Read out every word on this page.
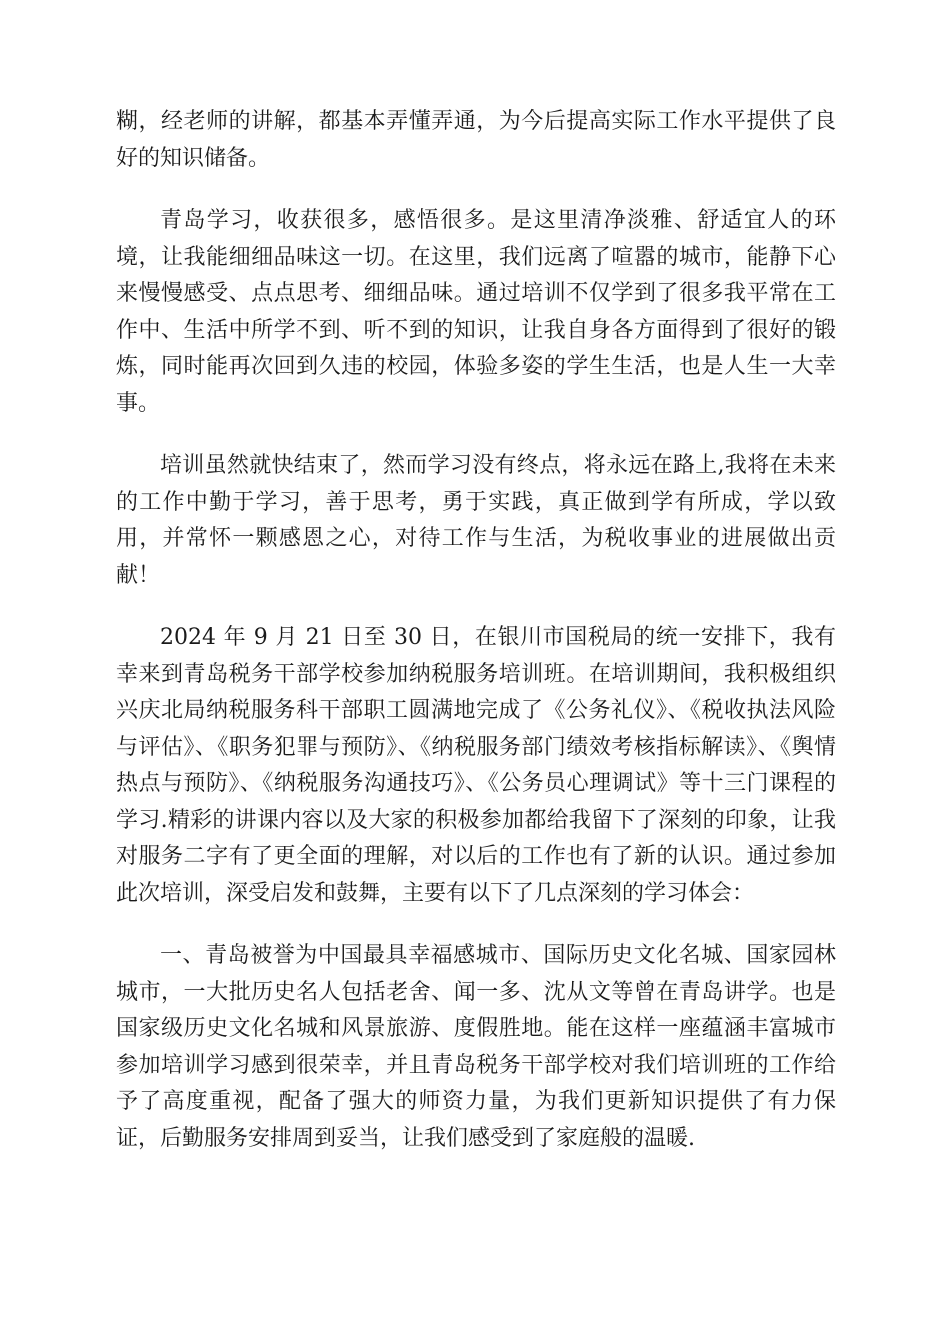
糊，经老师的讲解，都基本弄懂弄通，为今后提高实际工作水平提供了良好的知识储备。

青岛学习，收获很多，感悟很多。是这里清净淡雅、舒适宜人的环境，让我能细细品味这一切。在这里，我们远离了喧嚣的城市，能静下心来慢慢感受、点点思考、细细品味。通过培训不仅学到了很多我平常在工作中、生活中所学不到、听不到的知识，让我自身各方面得到了很好的锻炼，同时能再次回到久违的校园，体验多姿的学生生活，也是人生一大幸事。

培训虽然就快结束了，然而学习没有终点，将永远在路上,我将在未来的工作中勤于学习，善于思考，勇于实践，真正做到学有所成，学以致用，并常怀一颗感恩之心，对待工作与生活，为税收事业的进展做出贡献！

2024 年 9 月 21 日至 30 日，在银川市国税局的统一安排下，我有幸来到青岛税务干部学校参加纳税服务培训班。在培训期间，我积极组织兴庆北局纳税服务科干部职工圆满地完成了《公务礼仪》、《税收执法风险与评估》、《职务犯罪与预防》、《纳税服务部门绩效考核指标解读》、《舆情热点与预防》、《纳税服务沟通技巧》、《公务员心理调试》等十三门课程的学习.精彩的讲课内容以及大家的积极参加都给我留下了深刻的印象，让我对服务二字有了更全面的理解，对以后的工作也有了新的认识。通过参加此次培训，深受启发和鼓舞，主要有以下了几点深刻的学习体会：

一、青岛被誉为中国最具幸福感城市、国际历史文化名城、国家园林城市，一大批历史名人包括老舍、闻一多、沈从文等曾在青岛讲学。也是国家级历史文化名城和风景旅游、度假胜地。能在这样一座蕴涵丰富城市参加培训学习感到很荣幸，并且青岛税务干部学校对我们培训班的工作给予了高度重视，配备了强大的师资力量，为我们更新知识提供了有力保证，后勤服务安排周到妥当，让我们感受到了家庭般的温暖.
